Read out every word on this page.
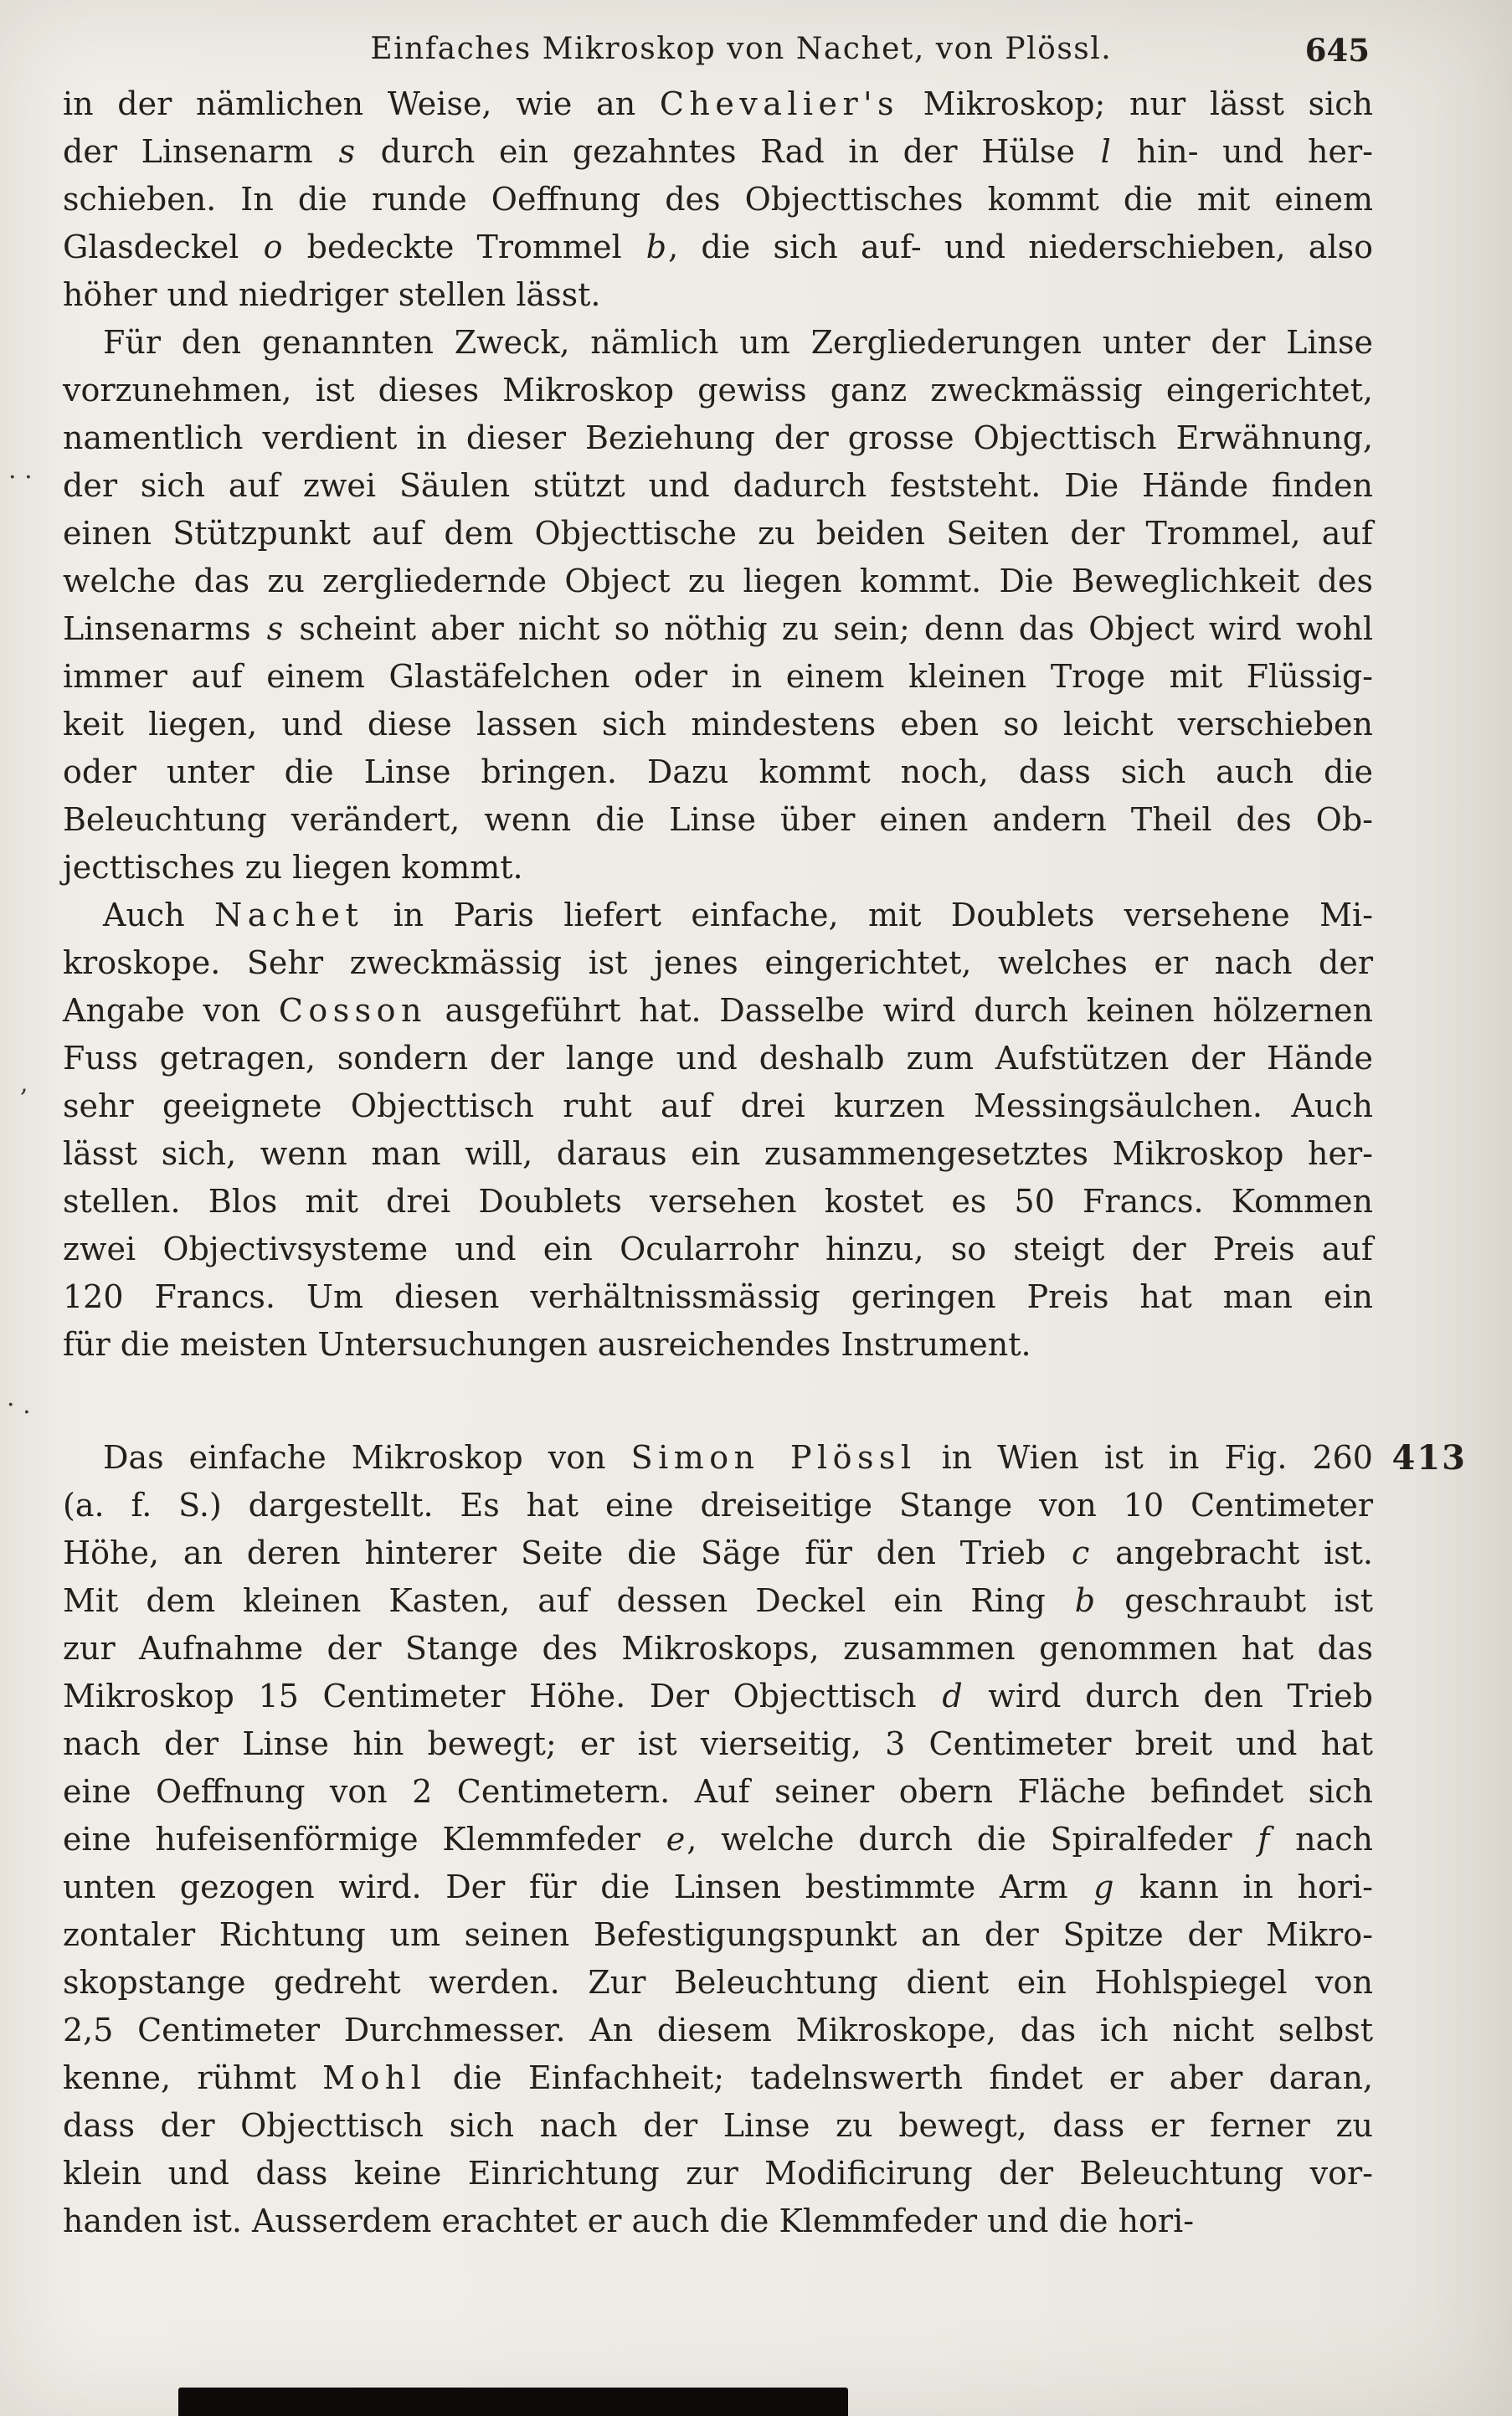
Einfaches Mikroskop von Nachet, von Plössl.	645
in der nämlichen Weise, wie an Chevalier's Mikroskop; nur lässt sich
der Linsenarm s durch ein gezahntes Rad in der Hülse l hin- und her-
schieben. In die runde Oeffnung des Objecttisches kommt die mit einem
Glasdeckel o bedeckte Trommel b, die sich auf- und niederschieben, also
höher und niedriger stellen lässt.
Für den genannten Zweck, nämlich um Zergliederungen unter der Linse
vorzunehmen, ist dieses Mikroskop gewiss ganz zweckmässig eingerichtet,
namentlich verdient in dieser Beziehung der grosse Objecttisch Erwähnung,
der sich auf zwei Säulen stützt und dadurch feststeht. Die Hände finden
einen Stützpunkt auf dem Objecttische zu beiden Seiten der Trommel, auf
welche das zu zergliedernde Object zu liegen kommt. Die Beweglichkeit des
Linsenarms s scheint aber nicht so nöthig zu sein; denn das Object wird wohl
immer auf einem Glastäfelchen oder in einem kleinen Troge mit Flüssig-
keit liegen, und diese lassen sich mindestens eben so leicht verschieben
oder unter die Linse bringen. Dazu kommt noch, dass sich auch die
Beleuchtung verändert, wenn die Linse über einen andern Theil des Ob-
jecttisches zu liegen kommt.
Auch Nachet in Paris liefert einfache, mit Doublets versehene Mi-
kroskope. Sehr zweckmässig ist jenes eingerichtet, welches er nach der
Angabe von Cosson ausgeführt hat. Dasselbe wird durch keinen hölzernen
Fuss getragen, sondern der lange und deshalb zum Aufstützen der Hände
sehr geeignete Objecttisch ruht auf drei kurzen Messingsäulchen. Auch
lässt sich, wenn man will, daraus ein zusammengesetztes Mikroskop her-
stellen. Blos mit drei Doublets versehen kostet es 50 Francs. Kommen
zwei Objectivsysteme und ein Ocularrohr hinzu, so steigt der Preis auf
120 Francs. Um diesen verhältnissmässig geringen Preis hat man ein
für die meisten Untersuchungen ausreichendes Instrument.
Das einfache Mikroskop von Simon Plössl in Wien ist in Fig. 260 413
(a. f. S.) dargestellt. Es hat eine dreiseitige Stange von 10 Centimeter
Höhe, an deren hinterer Seite die Säge für den Trieb c angebracht ist.
Mit dem kleinen Kasten, auf dessen Deckel ein Ring b geschraubt ist
zur Aufnahme der Stange des Mikroskops, zusammen genommen hat das
Mikroskop 15 Centimeter Höhe. Der Objecttisch d wird durch den Trieb
nach der Linse hin bewegt; er ist vierseitig, 3 Centimeter breit und hat
eine Oeffnung von 2 Centimetern. Auf seiner obern Fläche befindet sich
eine hufeisenförmige Klemmfeder e, welche durch die Spiralfeder f nach
unten gezogen wird. Der für die Linsen bestimmte Arm g kann in hori-
zontaler Richtung um seinen Befestigungspunkt an der Spitze der Mikro-
skopstange gedreht werden. Zur Beleuchtung dient ein Hohlspiegel von
2,5 Centimeter Durchmesser. An diesem Mikroskope, das ich nicht selbst
kenne, rühmt Mohl die Einfachheit; tadelnswerth findet er aber daran,
dass der Objecttisch sich nach der Linse zu bewegt, dass er ferner zu
klein und dass keine Einrichtung zur Modificirung der Beleuchtung vor-
handen ist. Ausserdem erachtet er auch die Klemmfeder und die hori-
· ·
,
· .
